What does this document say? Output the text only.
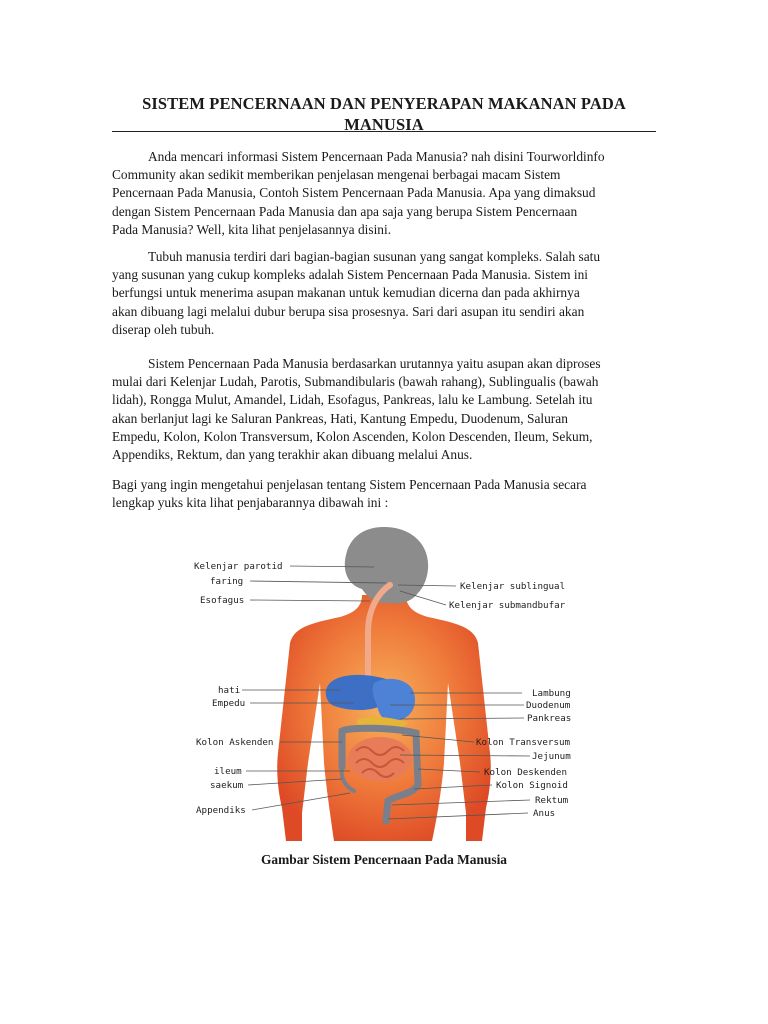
SISTEM PENCERNAAN DAN PENYERAPAN MAKANAN PADA
MANUSIA

Anda mencari informasi Sistem Pencernaan Pada Manusia? nah disini Tourworldinfo
Community akan sedikit memberikan penjelasan mengenai berbagai macam Sistem
Pencernaan Pada Manusia, Contoh Sistem Pencernaan Pada Manusia. Apa yang dimaksud
dengan Sistem Pencernaan Pada Manusia dan apa saja yang berupa Sistem Pencernaan
Pada Manusia? Well, kita lihat penjelasannya disini.

Tubuh manusia terdiri dari bagian-bagian susunan yang sangat kompleks. Salah satu
yang susunan yang cukup kompleks adalah Sistem Pencernaan Pada Manusia. Sistem ini
berfungsi untuk menerima asupan makanan untuk kemudian dicerna dan pada akhirnya
akan dibuang lagi melalui dubur berupa sisa prosesnya. Sari dari asupan itu sendiri akan
diserap oleh tubuh.

Sistem Pencernaan Pada Manusia berdasarkan urutannya yaitu asupan akan diproses
mulai dari Kelenjar Ludah, Parotis, Submandibularis (bawah rahang), Sublingualis (bawah
lidah), Rongga Mulut, Amandel, Lidah, Esofagus, Pankreas, lalu ke Lambung. Setelah itu
akan berlanjut lagi ke Saluran Pankreas, Hati, Kantung Empedu, Duodenum, Saluran
Empedu, Kolon, Kolon Transversum, Kolon Ascenden, Kolon Descenden, Ileum, Sekum,
Appendiks, Rektum, dan yang terakhir akan dibuang melalui Anus.

Bagi yang ingin mengetahui penjelasan tentang Sistem Pencernaan Pada Manusia secara
lengkap yuks kita lihat penjabarannya dibawah ini :

Kelenjar parotid
faring
Esofagus
hati
Empedu
Kolon Askenden
ileum
saekum
Appendiks
Kelenjar sublingual
Kelenjar submandbufar
Lambung
Duodenum
Pankreas
Kolon Transversum
Jejunum
Kolon Deskenden
Kolon Signoid
Rektum
Anus

Gambar Sistem Pencernaan Pada Manusia
